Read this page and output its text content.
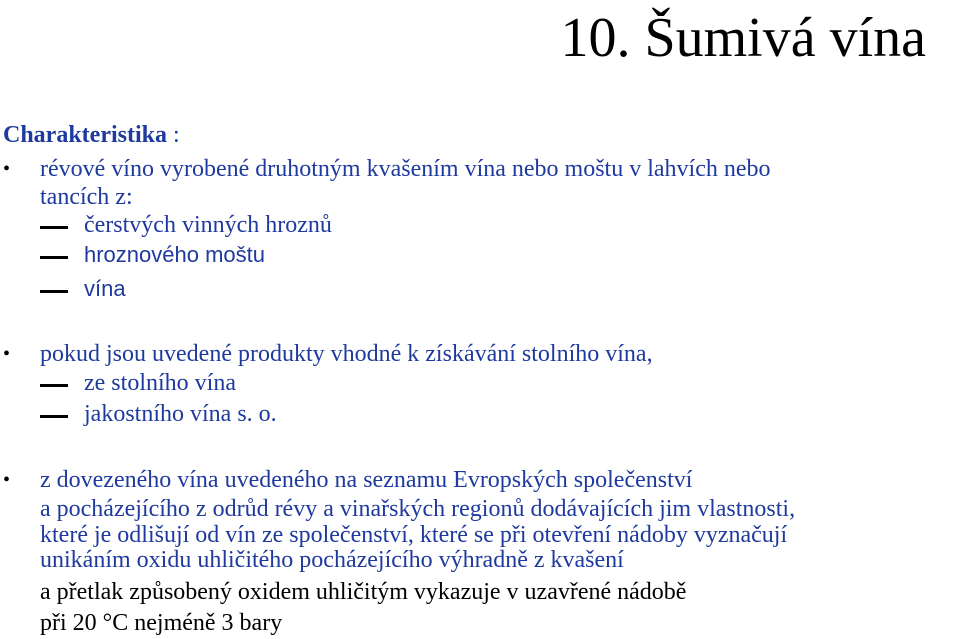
10. Šumivá vína
Charakteristika :
• révové víno vyrobené druhotným kvašením vína nebo moštu v lahvích nebo
tancích z:
čerstvých vinných hroznů
hroznového moštu
vína
• pokud jsou uvedené produkty vhodné k získávání stolního vína,
ze stolního vína
jakostního vína s. o.
• z dovezeného vína uvedeného na seznamu Evropských společenství
a pocházejícího z odrůd révy a vinařských regionů dodávajících jim vlastnosti,
které je odlišují od vín ze společenství, které se při otevření nádoby vyznačují
unikáním oxidu uhličitého pocházejícího výhradně z kvašení
a přetlak způsobený oxidem uhličitým vykazuje v uzavřené nádobě
při 20 °C nejméně 3 bary
